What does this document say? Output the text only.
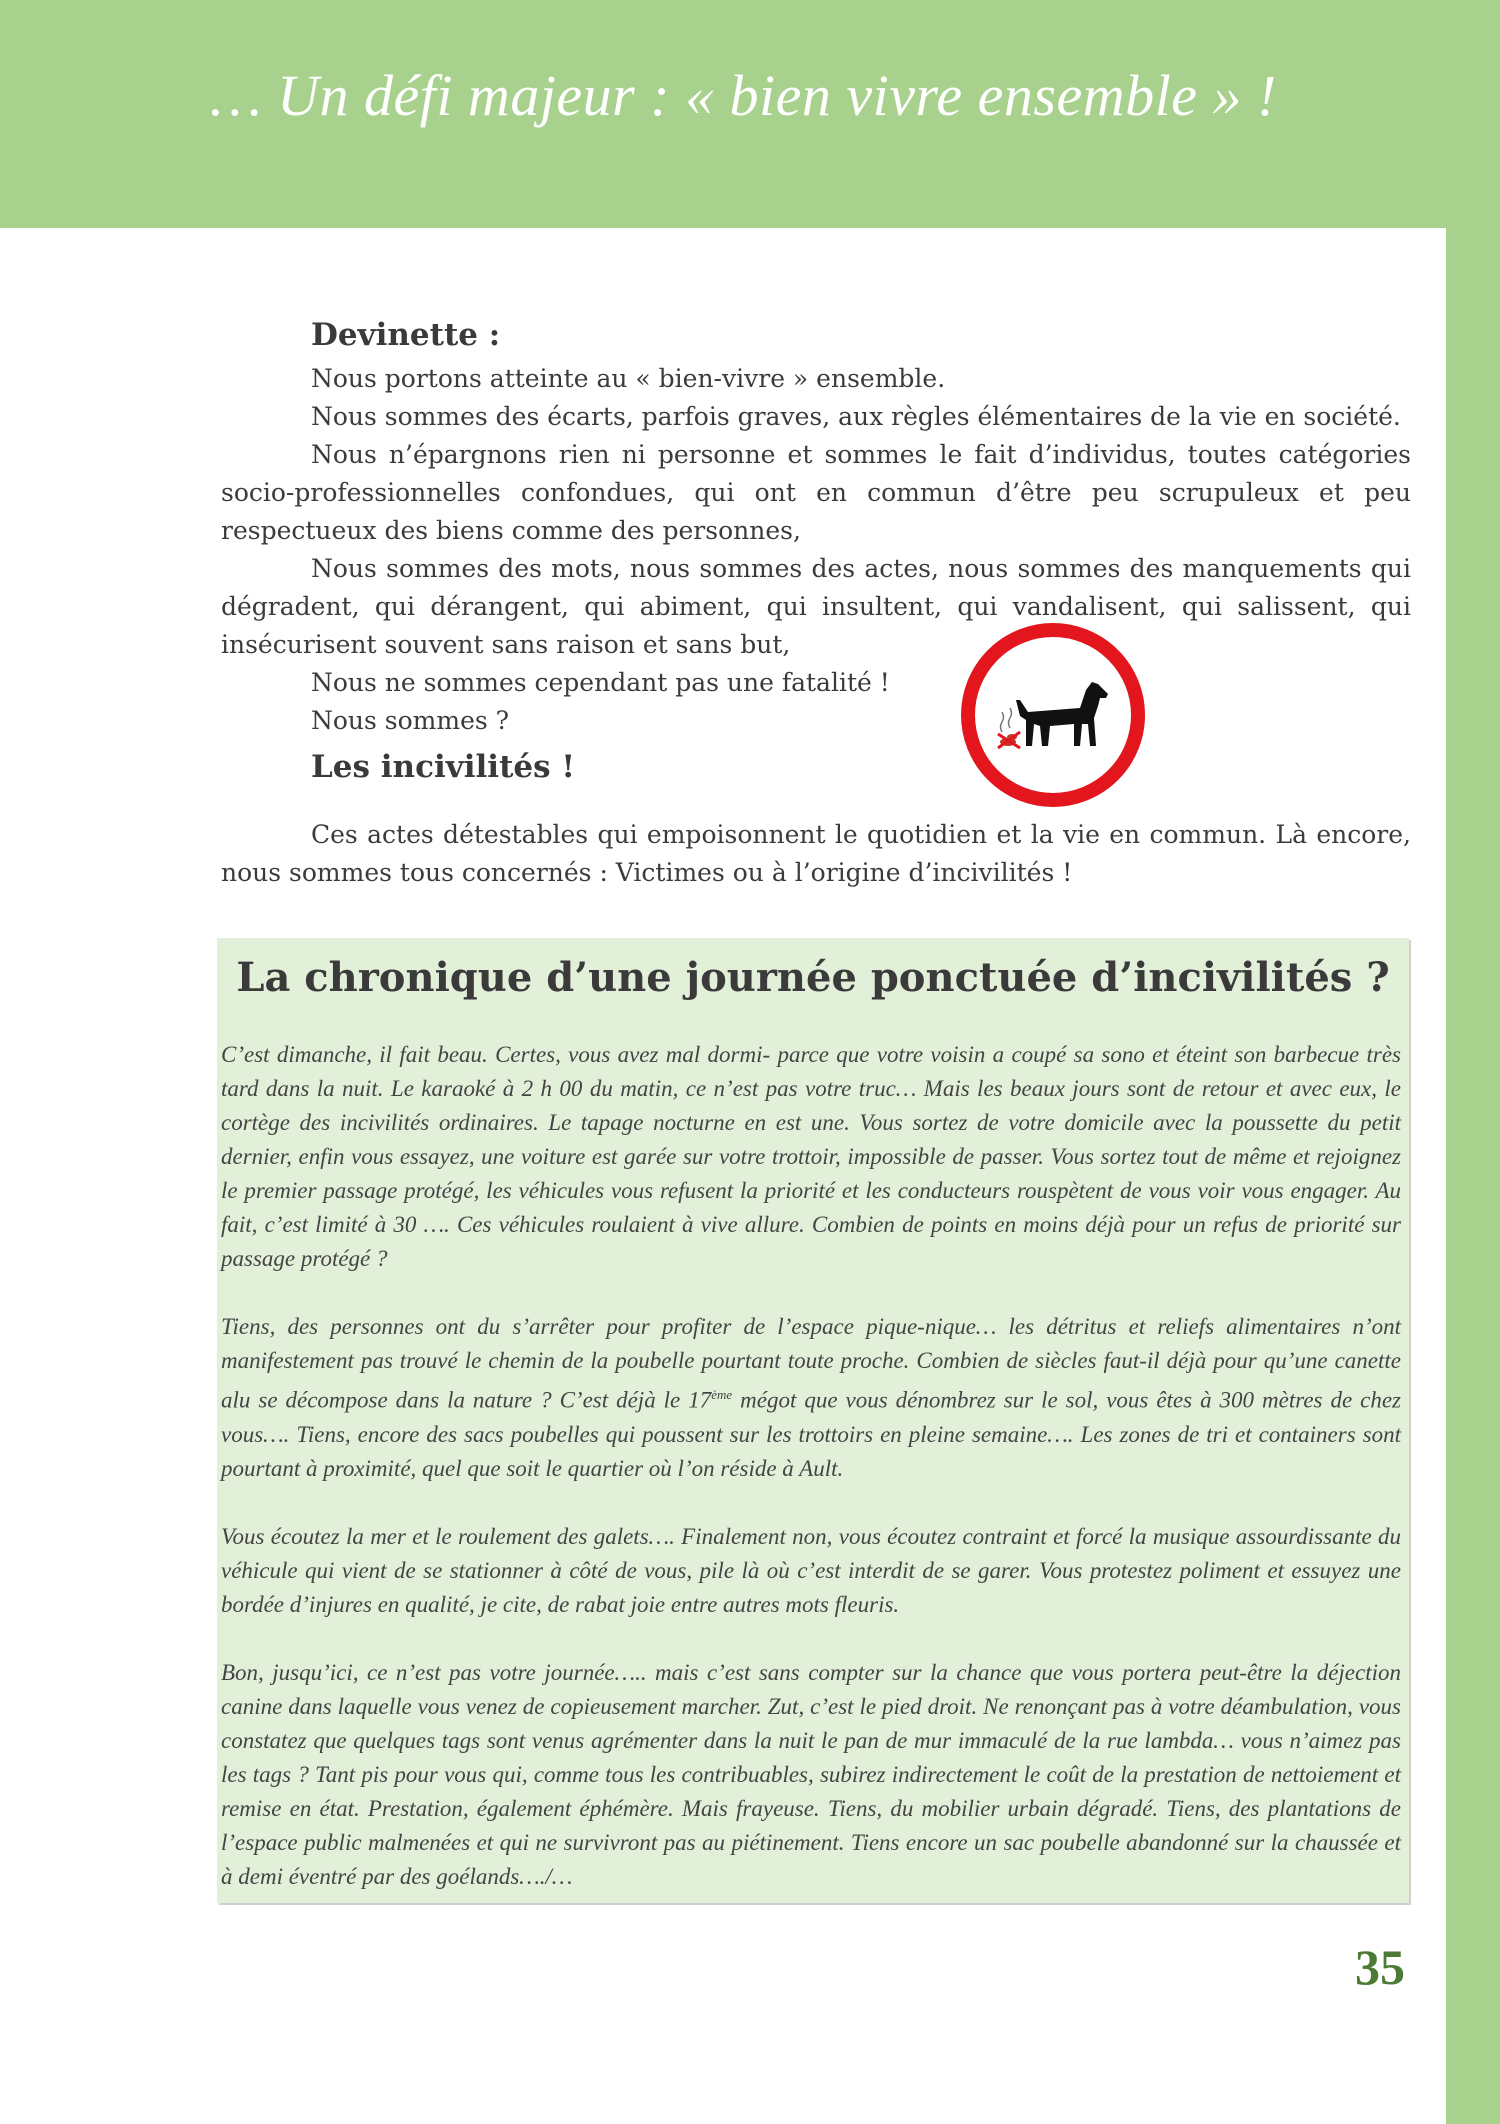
… Un défi majeur : « bien vivre ensemble » !

Devinette :

Nous portons atteinte au « bien-vivre » ensemble.

Nous sommes des écarts, parfois graves, aux règles élémentaires de la vie en société.

Nous n’épargnons rien ni personne et sommes le fait d’individus, toutes catégories socio-professionnelles confondues, qui ont en commun d’être peu scrupuleux et peu respectueux des biens comme des personnes,

Nous sommes des mots, nous sommes des actes, nous sommes des manquements qui dégradent, qui dérangent, qui abiment, qui insultent, qui vandalisent, qui salissent, qui insécurisent souvent sans raison et sans but,

Nous ne sommes cependant pas une fatalité !

Nous sommes ?

Les incivilités !

Ces actes détestables qui empoisonnent le quotidien et la vie en commun. Là encore, nous sommes tous concernés : Victimes ou à l’origine d’incivilités !

La chronique d’une journée ponctuée d’incivilités ?

C’est dimanche, il fait beau. Certes, vous avez mal dormi- parce que votre voisin a coupé sa sono et éteint son barbecue très tard dans la nuit. Le karaoké à 2 h 00 du matin, ce n’est pas votre truc… Mais les beaux jours sont de retour et avec eux, le cortège des incivilités ordinaires. Le tapage nocturne en est une. Vous sortez de votre domicile avec la poussette du petit dernier, enfin vous essayez, une voiture est garée sur votre trottoir, impossible de passer. Vous sortez tout de même et rejoignez le premier passage protégé, les véhicules vous refusent la priorité et les conducteurs rouspètent de vous voir vous engager. Au fait, c’est limité à 30 …. Ces véhicules roulaient à vive allure. Combien de points en moins déjà pour un refus de priorité sur passage protégé ?

Tiens, des personnes ont du s’arrêter pour profiter de l’espace pique-nique… les détritus et reliefs alimentaires n’ont manifestement pas trouvé le chemin de la poubelle pourtant toute proche. Combien de siècles faut-il déjà pour qu’une canette alu se décompose dans la nature ? C’est déjà le 17ème mégot que vous dénombrez sur le sol, vous êtes à 300 mètres de chez vous…. Tiens, encore des sacs poubelles qui poussent sur les trottoirs en pleine semaine…. Les zones de tri et containers sont pourtant à proximité, quel que soit le quartier où l’on réside à Ault.

Vous écoutez la mer et le roulement des galets…. Finalement non, vous écoutez contraint et forcé la musique assourdissante du véhicule qui vient de se stationner à côté de vous, pile là où c’est interdit de se garer. Vous protestez poliment et essuyez une bordée d’injures en qualité, je cite, de rabat joie entre autres mots fleuris.

Bon, jusqu’ici, ce n’est pas votre journée….. mais c’est sans compter sur la chance que vous portera peut-être la déjection canine dans laquelle vous venez de copieusement marcher. Zut, c’est le pied droit. Ne renonçant pas à votre déambulation, vous constatez que quelques tags sont venus agrémenter dans la nuit le pan de mur immaculé de la rue lambda… vous n’aimez pas les tags ? Tant pis pour vous qui, comme tous les contribuables, subirez indirectement le coût de la prestation de nettoiement et remise en état. Prestation, également éphémère. Mais frayeuse. Tiens, du mobilier urbain dégradé. Tiens, des plantations de l’espace public malmenées et qui ne survivront pas au piétinement. Tiens encore un sac poubelle abandonné sur la chaussée et à demi éventré par des goélands…./…

35
